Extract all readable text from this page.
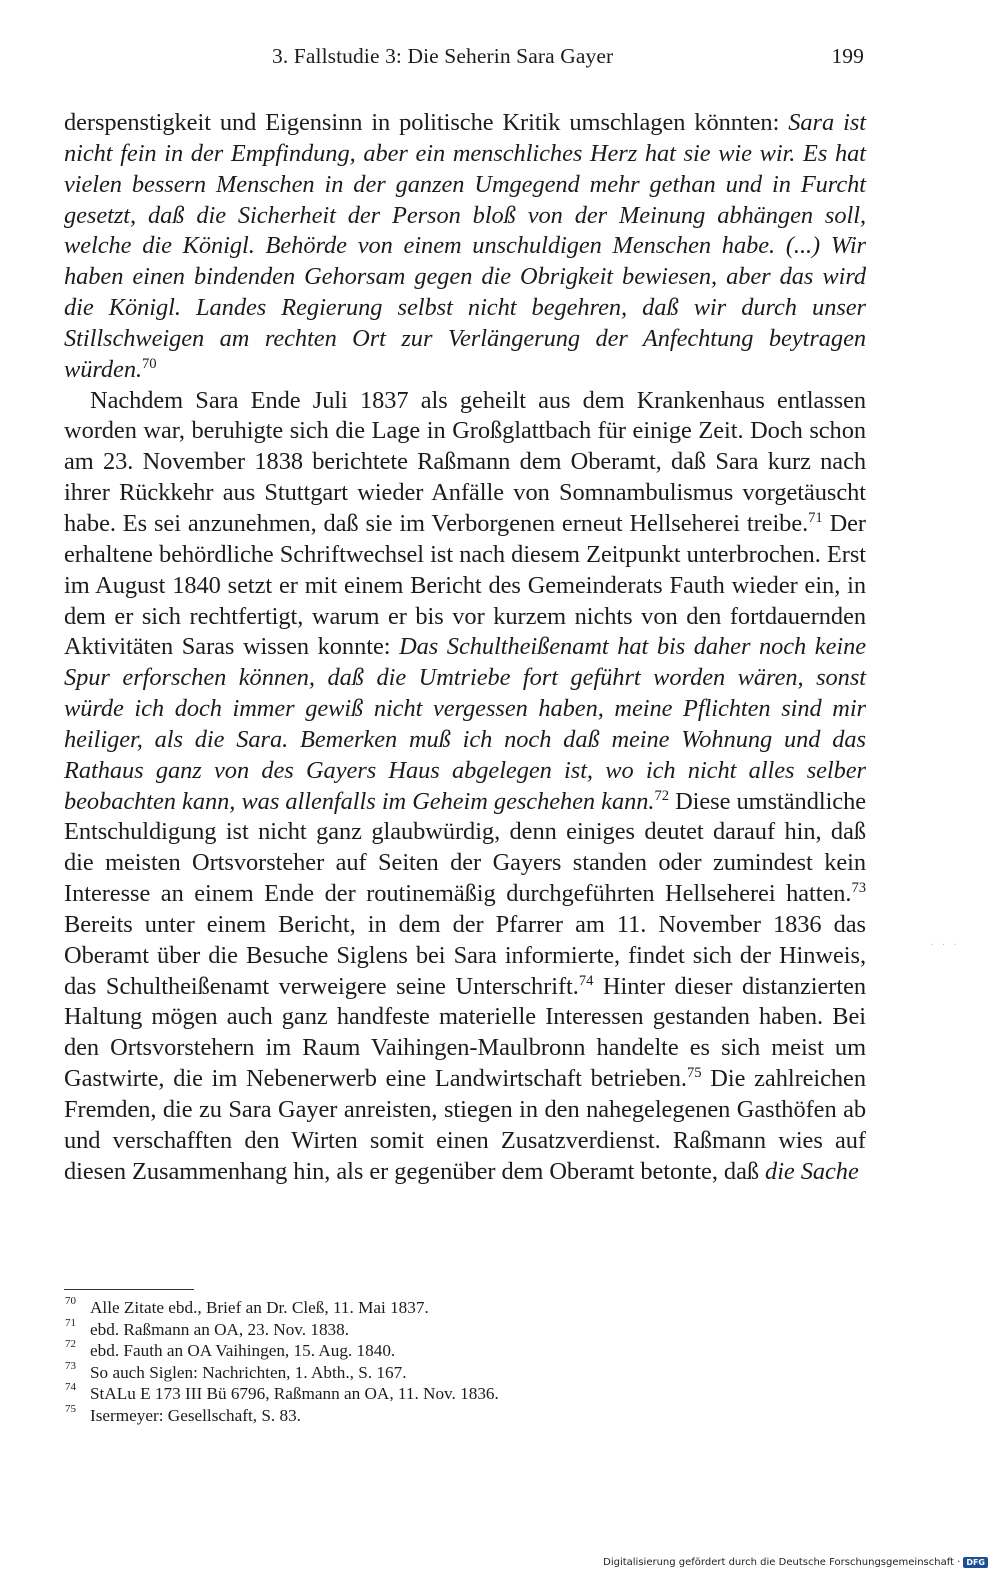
3. Fallstudie 3: Die Seherin Sara Gayer	199

derspenstigkeit und Eigensinn in politische Kritik umschlagen könnten: Sara ist nicht fein in der Empfindung, aber ein menschliches Herz hat sie wie wir. Es hat vielen bessern Menschen in der ganzen Umgegend mehr gethan und in Furcht gesetzt, daß die Sicherheit der Person bloß von der Meinung abhängen soll, welche die Königl. Behörde von einem unschuldigen Menschen habe. (...) Wir haben einen bindenden Gehorsam gegen die Obrigkeit bewiesen, aber das wird die Königl. Landes Regierung selbst nicht begehren, daß wir durch unser Stillschweigen am rechten Ort zur Verlängerung der Anfechtung beytragen würden.$^{70}$

Nachdem Sara Ende Juli 1837 als geheilt aus dem Krankenhaus entlassen worden war, beruhigte sich die Lage in Großglattbach für einige Zeit. Doch schon am 23. November 1838 berichtete Raßmann dem Oberamt, daß Sara kurz nach ihrer Rückkehr aus Stuttgart wieder Anfälle von Somnambulismus vorgetäuscht habe. Es sei anzunehmen, daß sie im Verborgenen erneut Hellseherei treibe.$^{71}$ Der erhaltene behördliche Schriftwechsel ist nach diesem Zeitpunkt unterbrochen. Erst im August 1840 setzt er mit einem Bericht des Gemeinderats Fauth wieder ein, in dem er sich rechtfertigt, warum er bis vor kurzem nichts von den fortdauernden Aktivitäten Saras wissen konnte: Das Schultheißenamt hat bis daher noch keine Spur erforschen können, daß die Umtriebe fort geführt worden wären, sonst würde ich doch immer gewiß nicht vergessen haben, meine Pflichten sind mir heiliger, als die Sara. Bemerken muß ich noch daß meine Wohnung und das Rathaus ganz von des Gayers Haus abgelegen ist, wo ich nicht alles selber beobachten kann, was allenfalls im Geheim geschehen kann.$^{72}$ Diese umständliche Entschuldigung ist nicht ganz glaubwürdig, denn einiges deutet darauf hin, daß die meisten Ortsvorsteher auf Seiten der Gayers standen oder zumindest kein Interesse an einem Ende der routinemäßig durchgeführten Hellseherei hatten.$^{73}$ Bereits unter einem Bericht, in dem der Pfarrer am 11. November 1836 das Oberamt über die Besuche Siglens bei Sara informierte, findet sich der Hinweis, das Schultheißenamt verweigere seine Unterschrift.$^{74}$ Hinter dieser distanzierten Haltung mögen auch ganz handfeste materielle Interessen gestanden haben. Bei den Ortsvorstehern im Raum Vaihingen-Maulbronn handelte es sich meist um Gastwirte, die im Nebenerwerb eine Landwirtschaft betrieben.$^{75}$ Die zahlreichen Fremden, die zu Sara Gayer anreisten, stiegen in den nahegelegenen Gasthöfen ab und verschafften den Wirten somit einen Zusatzverdienst. Raßmann wies auf diesen Zusammenhang hin, als er gegenüber dem Oberamt betonte, daß die Sache

70 Alle Zitate ebd., Brief an Dr. Cleß, 11. Mai 1837.
71 ebd. Raßmann an OA, 23. Nov. 1838.
72 ebd. Fauth an OA Vaihingen, 15. Aug. 1840.
73 So auch Siglen: Nachrichten, 1. Abth., S. 167.
74 StALu E 173 III Bü 6796, Raßmann an OA, 11. Nov. 1836.
75 Isermeyer: Gesellschaft, S. 83.
· · ·
Digitalisierung gefördert durch die Deutsche Forschungsgemeinschaft · DFG
